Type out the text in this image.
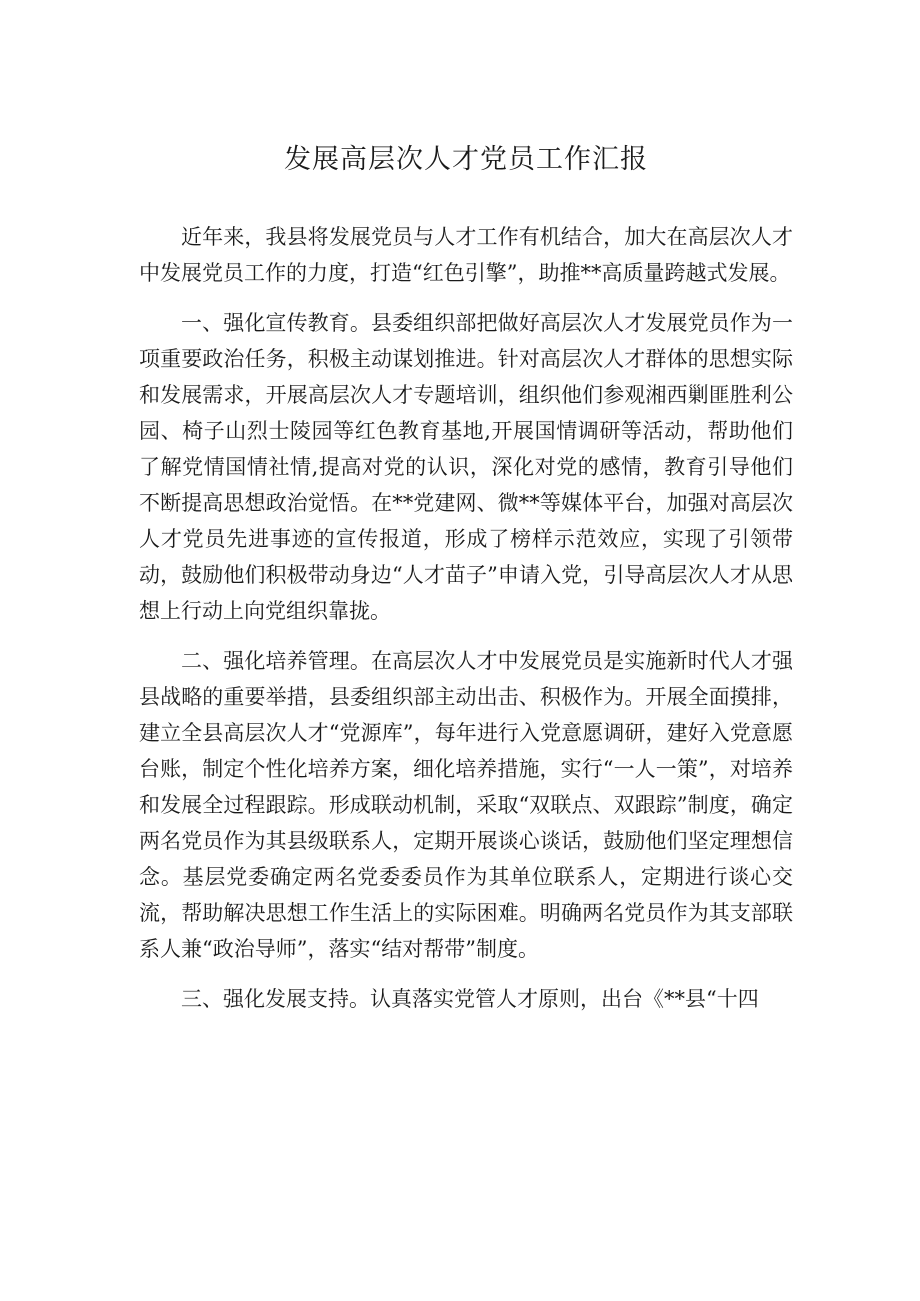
发展高层次人才党员工作汇报

近年来，我县将发展党员与人才工作有机结合，加大在高层次人才中发展党员工作的力度，打造“红色引擎”，助推**高质量跨越式发展。

一、强化宣传教育。县委组织部把做好高层次人才发展党员作为一项重要政治任务，积极主动谋划推进。针对高层次人才群体的思想实际和发展需求，开展高层次人才专题培训，组织他们参观湘西剿匪胜利公园、椅子山烈士陵园等红色教育基地,开展国情调研等活动，帮助他们了解党情国情社情,提高对党的认识，深化对党的感情，教育引导他们不断提高思想政治觉悟。在**党建网、微**等媒体平台，加强对高层次人才党员先进事迹的宣传报道，形成了榜样示范效应，实现了引领带动，鼓励他们积极带动身边“人才苗子”申请入党，引导高层次人才从思想上行动上向党组织靠拢。

二、强化培养管理。在高层次人才中发展党员是实施新时代人才强县战略的重要举措，县委组织部主动出击、积极作为。开展全面摸排，建立全县高层次人才“党源库”，每年进行入党意愿调研，建好入党意愿台账，制定个性化培养方案，细化培养措施，实行“一人一策”，对培养和发展全过程跟踪。形成联动机制，采取“双联点、双跟踪”制度，确定两名党员作为其县级联系人，定期开展谈心谈话，鼓励他们坚定理想信念。基层党委确定两名党委委员作为其单位联系人，定期进行谈心交流，帮助解决思想工作生活上的实际困难。明确两名党员作为其支部联系人兼“政治导师”，落实“结对帮带”制度。

三、强化发展支持。认真落实党管人才原则，出台《**县“十四
